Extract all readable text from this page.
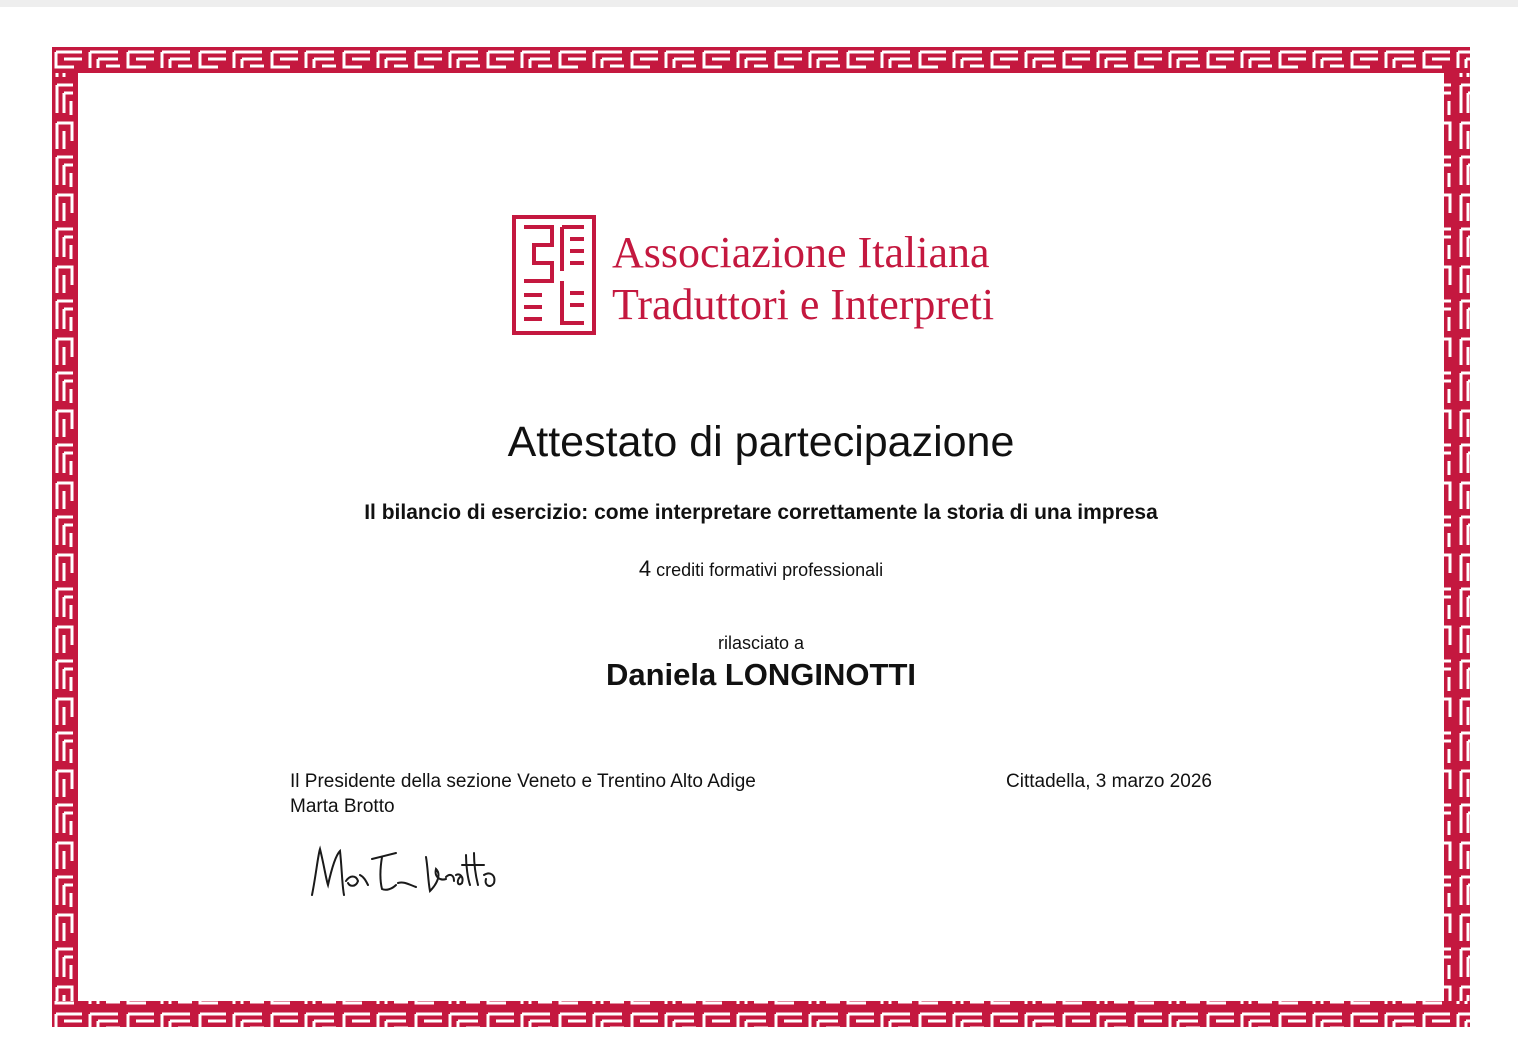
Associazione Italiana
Traduttori e Interpreti
Attestato di partecipazione
Il bilancio di esercizio: come interpretare correttamente la storia di una impresa
4 crediti formativi professionali
rilasciato a
Daniela LONGINOTTI
Il Presidente della sezione Veneto e Trentino Alto Adige
Marta Brotto
Cittadella, 3 marzo 2026
